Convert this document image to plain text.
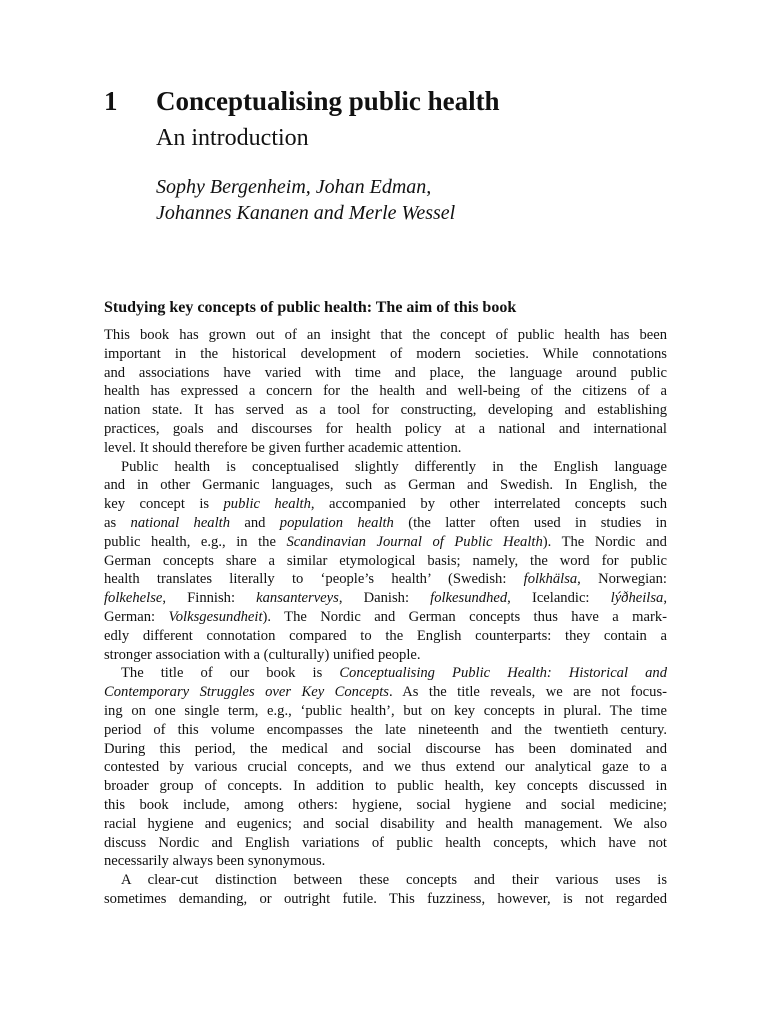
1 Conceptualising public health
An introduction
Sophy Bergenheim, Johan Edman,
Johannes Kananen and Merle Wessel
Studying key concepts of public health: The aim of this book
This book has grown out of an insight that the concept of public health has been
important in the historical development of modern societies. While connotations
and associations have varied with time and place, the language around public
health has expressed a concern for the health and well-being of the citizens of a
nation state. It has served as a tool for constructing, developing and establishing
practices, goals and discourses for health policy at a national and international
level. It should therefore be given further academic attention.
Public health is conceptualised slightly differently in the English language
and in other Germanic languages, such as German and Swedish. In English, the
key concept is public health, accompanied by other interrelated concepts such
as national health and population health (the latter often used in studies in
public health, e.g., in the Scandinavian Journal of Public Health). The Nordic and
German concepts share a similar etymological basis; namely, the word for public
health translates literally to ‘people’s health’ (Swedish: folkhälsa, Norwegian:
folkehelse, Finnish: kansanterveys, Danish: folkesundhed, Icelandic: lýðheilsa,
German: Volksgesundheit). The Nordic and German concepts thus have a mark-
edly different connotation compared to the English counterparts: they contain a
stronger association with a (culturally) unified people.
The title of our book is Conceptualising Public Health: Historical and
Contemporary Struggles over Key Concepts. As the title reveals, we are not focus-
ing on one single term, e.g., ‘public health’, but on key concepts in plural. The time
period of this volume encompasses the late nineteenth and the twentieth century.
During this period, the medical and social discourse has been dominated and
contested by various crucial concepts, and we thus extend our analytical gaze to a
broader group of concepts. In addition to public health, key concepts discussed in
this book include, among others: hygiene, social hygiene and social medicine;
racial hygiene and eugenics; and social disability and health management. We also
discuss Nordic and English variations of public health concepts, which have not
necessarily always been synonymous.
A clear-cut distinction between these concepts and their various uses is
sometimes demanding, or outright futile. This fuzziness, however, is not regarded
